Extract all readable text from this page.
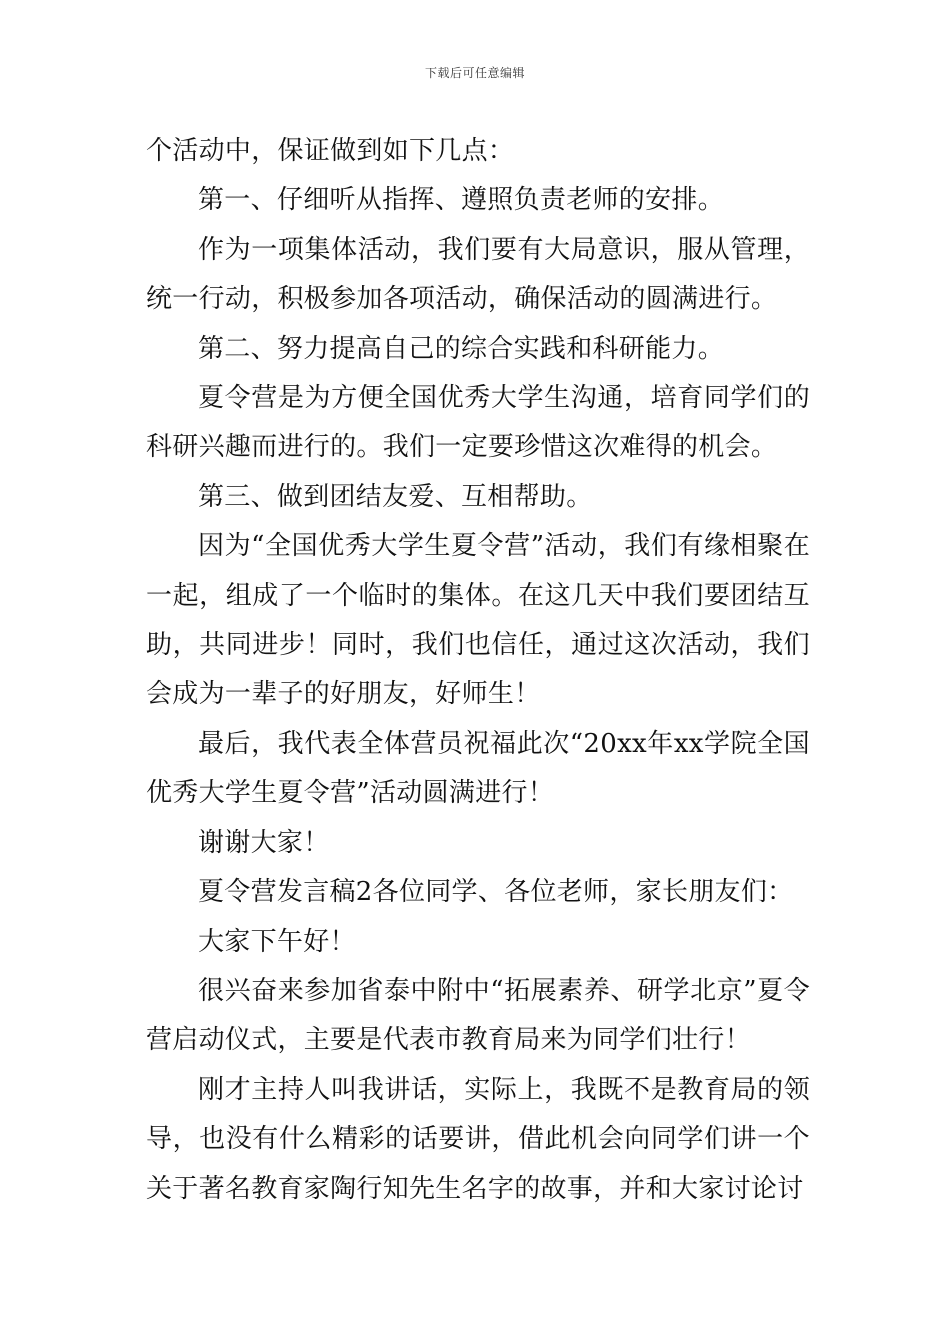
下载后可任意编辑

个活动中，保证做到如下几点：

第一、仔细听从指挥、遵照负责老师的安排。

作为一项集体活动，我们要有大局意识，服从管理，统一行动，积极参加各项活动，确保活动的圆满进行。

第二、努力提高自己的综合实践和科研能力。

夏令营是为方便全国优秀大学生沟通，培育同学们的科研兴趣而进行的。我们一定要珍惜这次难得的机会。

第三、做到团结友爱、互相帮助。

因为“全国优秀大学生夏令营”活动，我们有缘相聚在一起，组成了一个临时的集体。在这几天中我们要团结互助，共同进步！同时，我们也信任，通过这次活动，我们会成为一辈子的好朋友，好师生！

最后，我代表全体营员祝福此次“20xx年xx学院全国优秀大学生夏令营”活动圆满进行！

谢谢大家！

夏令营发言稿2各位同学、各位老师，家长朋友们：

大家下午好！

很兴奋来参加省泰中附中“拓展素养、研学北京”夏令营启动仪式，主要是代表市教育局来为同学们壮行！

刚才主持人叫我讲话，实际上，我既不是教育局的领导，也没有什么精彩的话要讲，借此机会向同学们讲一个关于著名教育家陶行知先生名字的故事，并和大家讨论讨
